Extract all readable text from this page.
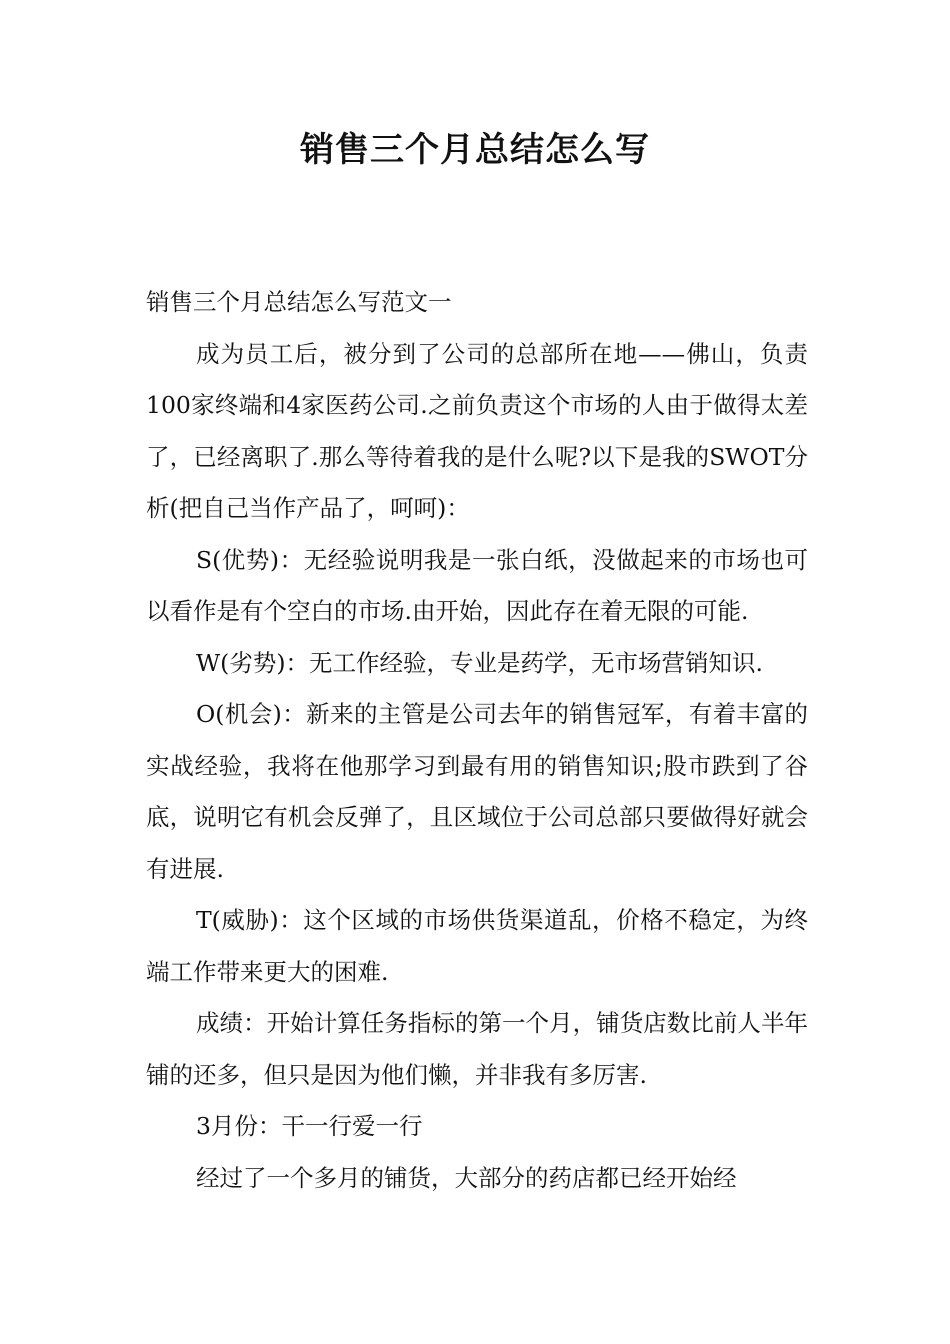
销售三个月总结怎么写

销售三个月总结怎么写范文一

成为员工后，被分到了公司的总部所在地——佛山，负责100家终端和4家医药公司.之前负责这个市场的人由于做得太差了，已经离职了.那么等待着我的是什么呢?以下是我的SWOT分析(把自己当作产品了，呵呵)：

S(优势)：无经验说明我是一张白纸，没做起来的市场也可以看作是有个空白的市场.由开始，因此存在着无限的可能.

W(劣势)：无工作经验，专业是药学，无市场营销知识.

O(机会)：新来的主管是公司去年的销售冠军，有着丰富的实战经验，我将在他那学习到最有用的销售知识;股市跌到了谷底，说明它有机会反弹了，且区域位于公司总部只要做得好就会有进展.

T(威胁)：这个区域的市场供货渠道乱，价格不稳定，为终端工作带来更大的困难.

成绩：开始计算任务指标的第一个月，铺货店数比前人半年铺的还多，但只是因为他们懒，并非我有多厉害.

3月份：干一行爱一行

经过了一个多月的铺货，大部分的药店都已经开始经
